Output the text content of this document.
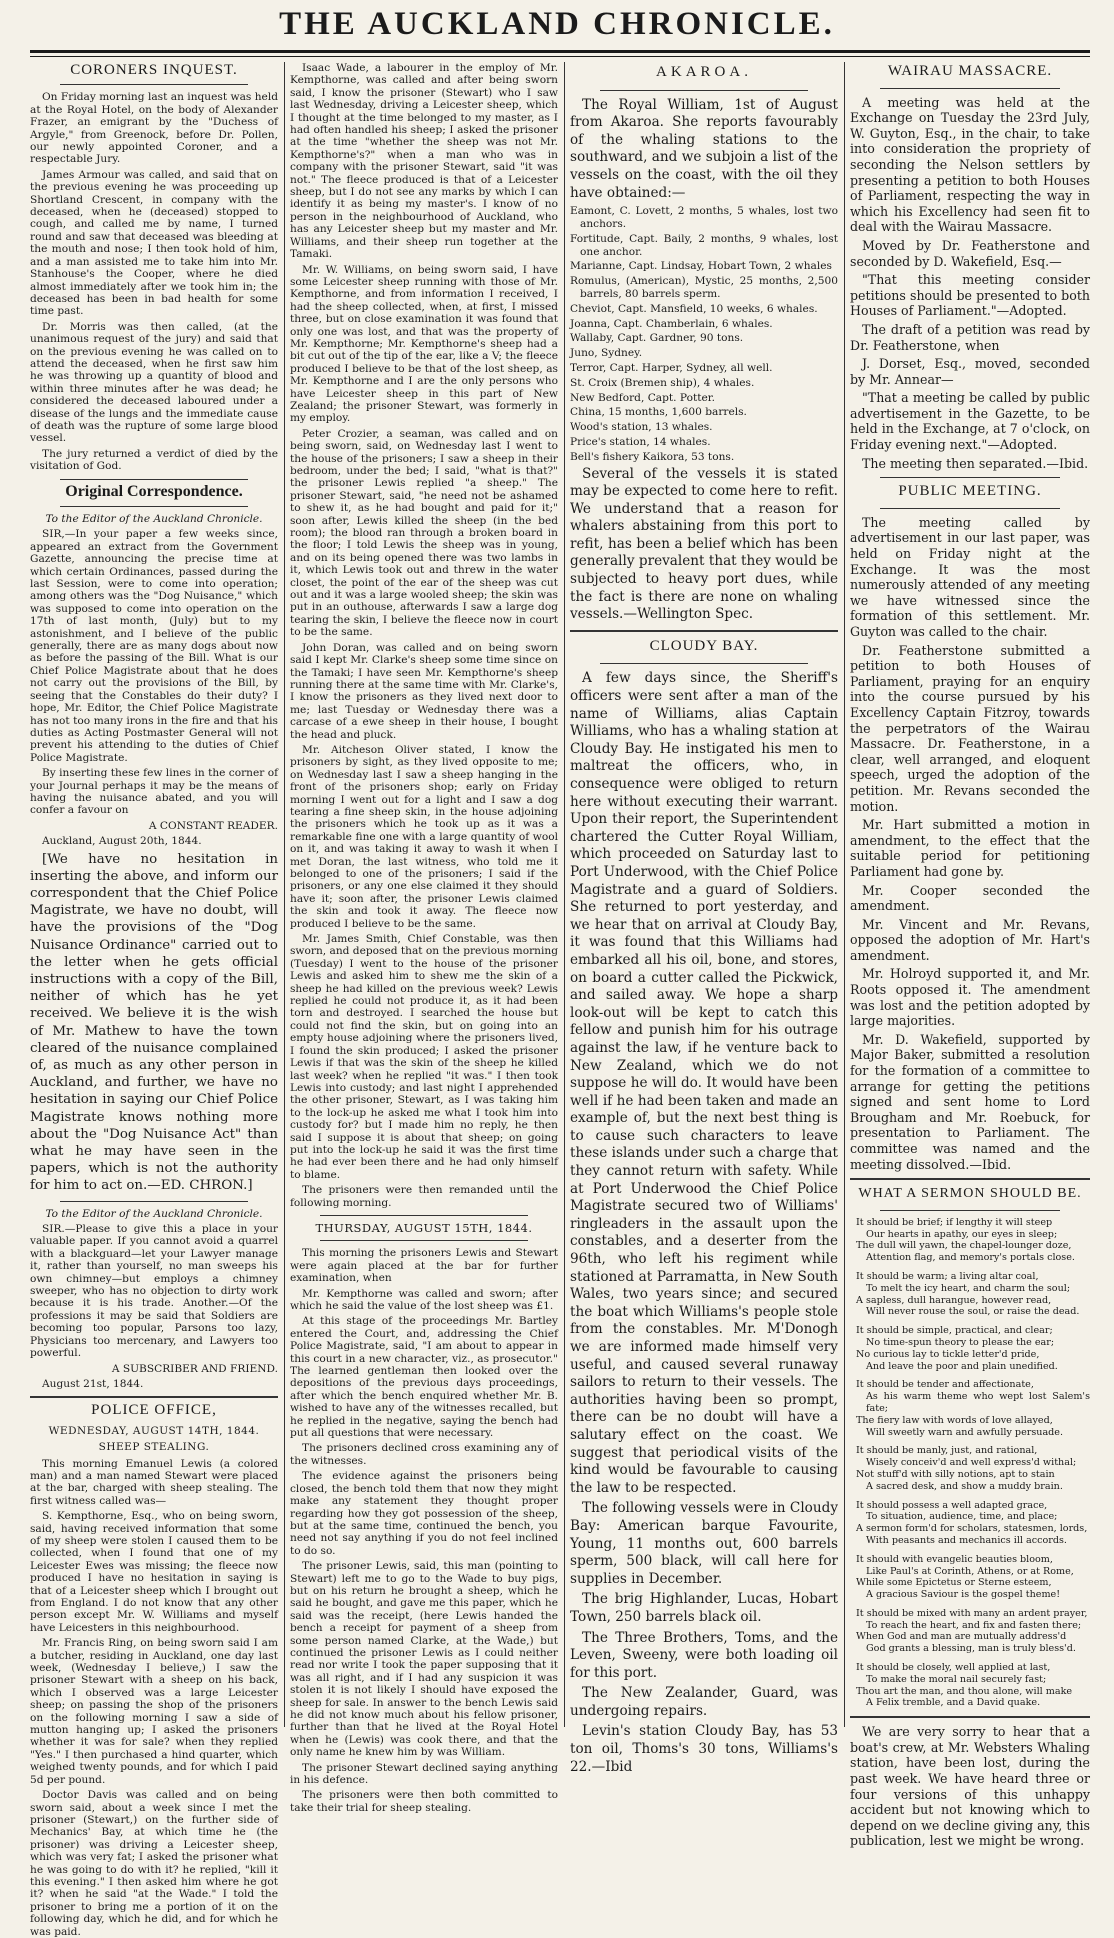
THE AUCKLAND CHRONICLE.
CORONERS INQUEST.

On Friday morning last an inquest was held at the Royal Hotel, on the body of Alexander Frazer, an emigrant by the "Duchess of Argyle," from Greenock, before Dr. Pollen, our newly appointed Coroner, and a respectable Jury.

James Armour was called, and said that on the previous evening he was proceeding up Shortland Crescent, in company with the deceased, when he (deceased) stopped to cough, and called me by name, I turned round and saw that deceased was bleeding at the mouth and nose; I then took hold of him, and a man assisted me to take him into Mr. Stanhouse's the Cooper, where he died almost immediately after we took him in; the deceased has been in bad health for some time past.

Dr. Morris was then called, (at the unanimous request of the jury) and said that on the previous evening he was called on to attend the deceased, when he first saw him he was throwing up a quantity of blood and within three minutes after he was dead; he considered the deceased laboured under a disease of the lungs and the immediate cause of death was the rupture of some large blood vessel.

The jury returned a verdict of died by the visitation of God.

Original Correspondence.

To the Editor of the Auckland Chronicle.

SIR,—In your paper a few weeks since, appeared an extract from the Government Gazette, announcing the precise time at which certain Ordinances, passed during the last Session, were to come into operation; among others was the "Dog Nuisance," which was supposed to come into operation on the 17th of last month, (July) but to my astonishment, and I believe of the public generally, there are as many dogs about now as before the passing of the Bill. What is our Chief Police Magistrate about that he does not carry out the provisions of the Bill, by seeing that the Constables do their duty? I hope, Mr. Editor, the Chief Police Magistrate has not too many irons in the fire and that his duties as Acting Postmaster General will not prevent his attending to the duties of Chief Police Magistrate.

By inserting these few lines in the corner of your Journal perhaps it may be the means of having the nuisance abated, and you will confer a favour on

A CONSTANT READER.

Auckland, August 20th, 1844.

[We have no hesitation in inserting the above, and inform our correspondent that the Chief Police Magistrate, we have no doubt, will have the provisions of the "Dog Nuisance Ordinance" carried out to the letter when he gets official instructions with a copy of the Bill, neither of which has he yet received. We believe it is the wish of Mr. Mathew to have the town cleared of the nuisance complained of, as much as any other person in Auckland, and further, we have no hesitation in saying our Chief Police Magistrate knows nothing more about the "Dog Nuisance Act" than what he may have seen in the papers, which is not the authority for him to act on.—ED. CHRON.]

To the Editor of the Auckland Chronicle.

SIR.—Please to give this a place in your valuable paper. If you cannot avoid a quarrel with a blackguard—let your Lawyer manage it, rather than yourself, no man sweeps his own chimney—but employs a chimney sweeper, who has no objection to dirty work because it is his trade. Another.—Of the professions it may be said that Soldiers are becoming too popular, Parsons too lazy, Physicians too mercenary, and Lawyers too powerful.

A SUBSCRIBER AND FRIEND.

August 21st, 1844.

POLICE OFFICE,
WEDNESDAY, AUGUST 14TH, 1844.
SHEEP STEALING.

This morning Emanuel Lewis (a colored man) and a man named Stewart were placed at the bar, charged with sheep stealing. The first witness called was—

S. Kempthorne, Esq., who on being sworn, said, having received information that some of my sheep were stolen I caused them to be collected, when I found that one of my Leicester Ewes was missing; the fleece now produced I have no hesitation in saying is that of a Leicester sheep which I brought out from England. I do not know that any other person except Mr. W. Williams and myself have Leicesters in this neighbourhood.

Mr. Francis Ring, on being sworn said I am a butcher, residing in Auckland, one day last week, (Wednesday I believe,) I saw the prisoner Stewart with a sheep on his back, which I observed was a large Leicester sheep; on passing the shop of the prisoners on the following morning I saw a side of mutton hanging up; I asked the prisoners whether it was for sale? when they replied "Yes." I then purchased a hind quarter, which weighed twenty pounds, and for which I paid 5d per pound.

Doctor Davis was called and on being sworn said, about a week since I met the prisoner (Stewart,) on the further side of Mechanics' Bay, at which time he (the prisoner) was driving a Leicester sheep, which was very fat; I asked the prisoner what he was going to do with it? he replied, "kill it this evening." I then asked him where he got it? when he said "at the Wade." I told the prisoner to bring me a portion of it on the following day, which he did, and for which he was paid.

Isaac Wade, a labourer in the employ of Mr. Kempthorne, was called and after being sworn said, I know the prisoner (Stewart) who I saw last Wednesday, driving a Leicester sheep, which I thought at the time belonged to my master, as I had often handled his sheep; I asked the prisoner at the time "whether the sheep was not Mr. Kempthorne's?" when a man who was in company with the prisoner Stewart, said "it was not." The fleece produced is that of a Leicester sheep, but I do not see any marks by which I can identify it as being my master's. I know of no person in the neighbourhood of Auckland, who has any Leicester sheep but my master and Mr. Williams, and their sheep run together at the Tamaki.

Mr. W. Williams, on being sworn said, I have some Leicester sheep running with those of Mr. Kempthorne, and from information I received, I had the sheep collected, when, at first, I missed three, but on close examination it was found that only one was lost, and that was the property of Mr. Kempthorne; Mr. Kempthorne's sheep had a bit cut out of the tip of the ear, like a V; the fleece produced I believe to be that of the lost sheep, as Mr. Kempthorne and I are the only persons who have Leicester sheep in this part of New Zealand; the prisoner Stewart, was formerly in my employ.

Peter Crozier, a seaman, was called and on being sworn, said, on Wednesday last I went to the house of the prisoners; I saw a sheep in their bedroom, under the bed; I said, "what is that?" the prisoner Lewis replied "a sheep." The prisoner Stewart, said, "he need not be ashamed to shew it, as he had bought and paid for it;" soon after, Lewis killed the sheep (in the bed room); the blood ran through a broken board in the floor; I told Lewis the sheep was in young, and on its being opened there was two lambs in it, which Lewis took out and threw in the water closet, the point of the ear of the sheep was cut out and it was a large wooled sheep; the skin was put in an outhouse, afterwards I saw a large dog tearing the skin, I believe the fleece now in court to be the same.

John Doran, was called and on being sworn said I kept Mr. Clarke's sheep some time since on the Tamaki; I have seen Mr. Kempthorne's sheep running there at the same time with Mr. Clarke's, I know the prisoners as they lived next door to me; last Tuesday or Wednesday there was a carcase of a ewe sheep in their house, I bought the head and pluck.

Mr. Aitcheson Oliver stated, I know the prisoners by sight, as they lived opposite to me; on Wednesday last I saw a sheep hanging in the front of the prisoners shop; early on Friday morning I went out for a light and I saw a dog tearing a fine sheep skin, in the house adjoining the prisoners which he took up as it was a remarkable fine one with a large quantity of wool on it, and was taking it away to wash it when I met Doran, the last witness, who told me it belonged to one of the prisoners; I said if the prisoners, or any one else claimed it they should have it; soon after, the prisoner Lewis claimed the skin and took it away. The fleece now produced I believe to be the same.

Mr. James Smith, Chief Constable, was then sworn, and deposed that on the previous morning (Tuesday) I went to the house of the prisoner Lewis and asked him to shew me the skin of a sheep he had killed on the previous week? Lewis replied he could not produce it, as it had been torn and destroyed. I searched the house but could not find the skin, but on going into an empty house adjoining where the prisoners lived, I found the skin produced; I asked the prisoner Lewis if that was the skin of the sheep he killed last week? when he replied "it was." I then took Lewis into custody; and last night I apprehended the other prisoner, Stewart, as I was taking him to the lock-up he asked me what I took him into custody for? but I made him no reply, he then said I suppose it is about that sheep; on going put into the lock-up he said it was the first time he had ever been there and he had only himself to blame.

The prisoners were then remanded until the following morning.

THURSDAY, AUGUST 15TH, 1844.

This morning the prisoners Lewis and Stewart were again placed at the bar for further examination, when

Mr. Kempthorne was called and sworn; after which he said the value of the lost sheep was £1.

At this stage of the proceedings Mr. Bartley entered the Court, and, addressing the Chief Police Magistrate, said, "I am about to appear in this court in a new character, viz., as prosecutor." The learned gentleman then looked over the depositions of the previous days proceedings, after which the bench enquired whether Mr. B. wished to have any of the witnesses recalled, but he replied in the negative, saying the bench had put all questions that were necessary.

The prisoners declined cross examining any of the witnesses.

The evidence against the prisoners being closed, the bench told them that now they might make any statement they thought proper regarding how they got possession of the sheep, but at the same time, continued the bench, you need not say anything if you do not feel inclined to do so.

The prisoner Lewis, said, this man (pointing to Stewart) left me to go to the Wade to buy pigs, but on his return he brought a sheep, which he said he bought, and gave me this paper, which he said was the receipt, (here Lewis handed the bench a receipt for payment of a sheep from some person named Clarke, at the Wade,) but continued the prisoner Lewis as I could neither read nor write I took the paper supposing that it was all right, and if I had any suspicion it was stolen it is not likely I should have exposed the sheep for sale. In answer to the bench Lewis said he did not know much about his fellow prisoner, further than that he lived at the Royal Hotel when he (Lewis) was cook there, and that the only name he knew him by was William.

The prisoner Stewart declined saying anything in his defence.

The prisoners were then both committed to take their trial for sheep stealing.

AKAROA.

The Royal William, 1st of August from Akaroa. She reports favourably of the whaling stations to the southward, and we subjoin a list of the vessels on the coast, with the oil they have obtained:—

Eamont, C. Lovett, 2 months, 5 whales, lost two anchors.

Fortitude, Capt. Baily, 2 months, 9 whales, lost one anchor.

Marianne, Capt. Lindsay, Hobart Town, 2 whales

Romulus, (American), Mystic, 25 months, 2,500 barrels, 80 barrels sperm.

Cheviot, Capt. Mansfield, 10 weeks, 6 whales.

Joanna, Capt. Chamberlain, 6 whales.

Wallaby, Capt. Gardner, 90 tons.

Juno, Sydney.

Terror, Capt. Harper, Sydney, all well.

St. Croix (Bremen ship), 4 whales.

New Bedford, Capt. Potter.

China, 15 months, 1,600 barrels.

Wood's station, 13 whales.

Price's station, 14 whales.

Bell's fishery Kaikora, 53 tons.

Several of the vessels it is stated may be expected to come here to refit. We understand that a reason for whalers abstaining from this port to refit, has been a belief which has been generally prevalent that they would be subjected to heavy port dues, while the fact is there are none on whaling vessels.—Wellington Spec.

CLOUDY BAY.

A few days since, the Sheriff's officers were sent after a man of the name of Williams, alias Captain Williams, who has a whaling station at Cloudy Bay. He instigated his men to maltreat the officers, who, in consequence were obliged to return here without executing their warrant. Upon their report, the Superintendent chartered the Cutter Royal William, which proceeded on Saturday last to Port Underwood, with the Chief Police Magistrate and a guard of Soldiers. She returned to port yesterday, and we hear that on arrival at Cloudy Bay, it was found that this Williams had embarked all his oil, bone, and stores, on board a cutter called the Pickwick, and sailed away. We hope a sharp look-out will be kept to catch this fellow and punish him for his outrage against the law, if he venture back to New Zealand, which we do not suppose he will do. It would have been well if he had been taken and made an example of, but the next best thing is to cause such characters to leave these islands under such a charge that they cannot return with safety. While at Port Underwood the Chief Police Magistrate secured two of Williams' ringleaders in the assault upon the constables, and a deserter from the 96th, who left his regiment while stationed at Parramatta, in New South Wales, two years since; and secured the boat which Williams's people stole from the constables. Mr. M'Donogh we are informed made himself very useful, and caused several runaway sailors to return to their vessels. The authorities having been so prompt, there can be no doubt will have a salutary effect on the coast. We suggest that periodical visits of the kind would be favourable to causing the law to be respected.

The following vessels were in Cloudy Bay: American barque Favourite, Young, 11 months out, 600 barrels sperm, 500 black, will call here for supplies in December.

The brig Highlander, Lucas, Hobart Town, 250 barrels black oil.

The Three Brothers, Toms, and the Leven, Sweeny, were both loading oil for this port.

The New Zealander, Guard, was undergoing repairs.

Levin's station Cloudy Bay, has 53 ton oil, Thoms's 30 tons, Williams's 22.—Ibid

WAIRAU MASSACRE.

A meeting was held at the Exchange on Tuesday the 23rd July, W. Guyton, Esq., in the chair, to take into consideration the propriety of seconding the Nelson settlers by presenting a petition to both Houses of Parliament, respecting the way in which his Excellency had seen fit to deal with the Wairau Massacre.

Moved by Dr. Featherstone and seconded by D. Wakefield, Esq.—

"That this meeting consider petitions should be presented to both Houses of Parliament."—Adopted.

The draft of a petition was read by Dr. Featherstone, when

J. Dorset, Esq., moved, seconded by Mr. Annear—

"That a meeting be called by public advertisement in the Gazette, to be held in the Exchange, at 7 o'clock, on Friday evening next."—Adopted.

The meeting then separated.—Ibid.

PUBLIC MEETING.

The meeting called by advertisement in our last paper, was held on Friday night at the Exchange. It was the most numerously attended of any meeting we have witnessed since the formation of this settlement. Mr. Guyton was called to the chair.

Dr. Featherstone submitted a petition to both Houses of Parliament, praying for an enquiry into the course pursued by his Excellency Captain Fitzroy, towards the perpetrators of the Wairau Massacre. Dr. Featherstone, in a clear, well arranged, and eloquent speech, urged the adoption of the petition. Mr. Revans seconded the motion.

Mr. Hart submitted a motion in amendment, to the effect that the suitable period for petitioning Parliament had gone by.

Mr. Cooper seconded the amendment.

Mr. Vincent and Mr. Revans, opposed the adoption of Mr. Hart's amendment.

Mr. Holroyd supported it, and Mr. Roots opposed it. The amendment was lost and the petition adopted by large majorities.

Mr. D. Wakefield, supported by Major Baker, submitted a resolution for the formation of a committee to arrange for getting the petitions signed and sent home to Lord Brougham and Mr. Roebuck, for presentation to Parliament. The committee was named and the meeting dissolved.—Ibid.

WHAT A SERMON SHOULD BE.
It should be brief; if lengthy it will steep
Our hearts in apathy, our eyes in sleep;
The dull will yawn, the chapel-lounger doze,
Attention flag, and memory's portals close.
It should be warm; a living altar coal,
To melt the icy heart, and charm the soul;
A sapless, dull harangue, however read,
Will never rouse the soul, or raise the dead.
It should be simple, practical, and clear;
No time-spun theory to please the ear;
No curious lay to tickle letter'd pride,
And leave the poor and plain unedified.
It should be tender and affectionate,
As his warm theme who wept lost Salem's fate;
The fiery law with words of love allayed,
Will sweetly warn and awfully persuade.
It should be manly, just, and rational,
Wisely conceiv'd and well express'd withal;
Not stuff'd with silly notions, apt to stain
A sacred desk, and show a muddy brain.
It should possess a well adapted grace,
To situation, audience, time, and place;
A sermon form'd for scholars, statesmen, lords,
With peasants and mechanics ill accords.
It should with evangelic beauties bloom,
Like Paul's at Corinth, Athens, or at Rome,
While some Epictetus or Sterne esteem,
A gracious Saviour is the gospel theme!
It should be mixed with many an ardent prayer,
To reach the heart, and fix and fasten there;
When God and man are mutually address'd
God grants a blessing, man is truly bless'd.
It should be closely, well applied at last,
To make the moral nail securely fast;
Thou art the man, and thou alone, will make
A Felix tremble, and a David quake.

We are very sorry to hear that a boat's crew, at Mr. Websters Whaling station, have been lost, during the past week. We have heard three or four versions of this unhappy accident but not knowing which to depend on we decline giving any, this publication, lest we might be wrong.
